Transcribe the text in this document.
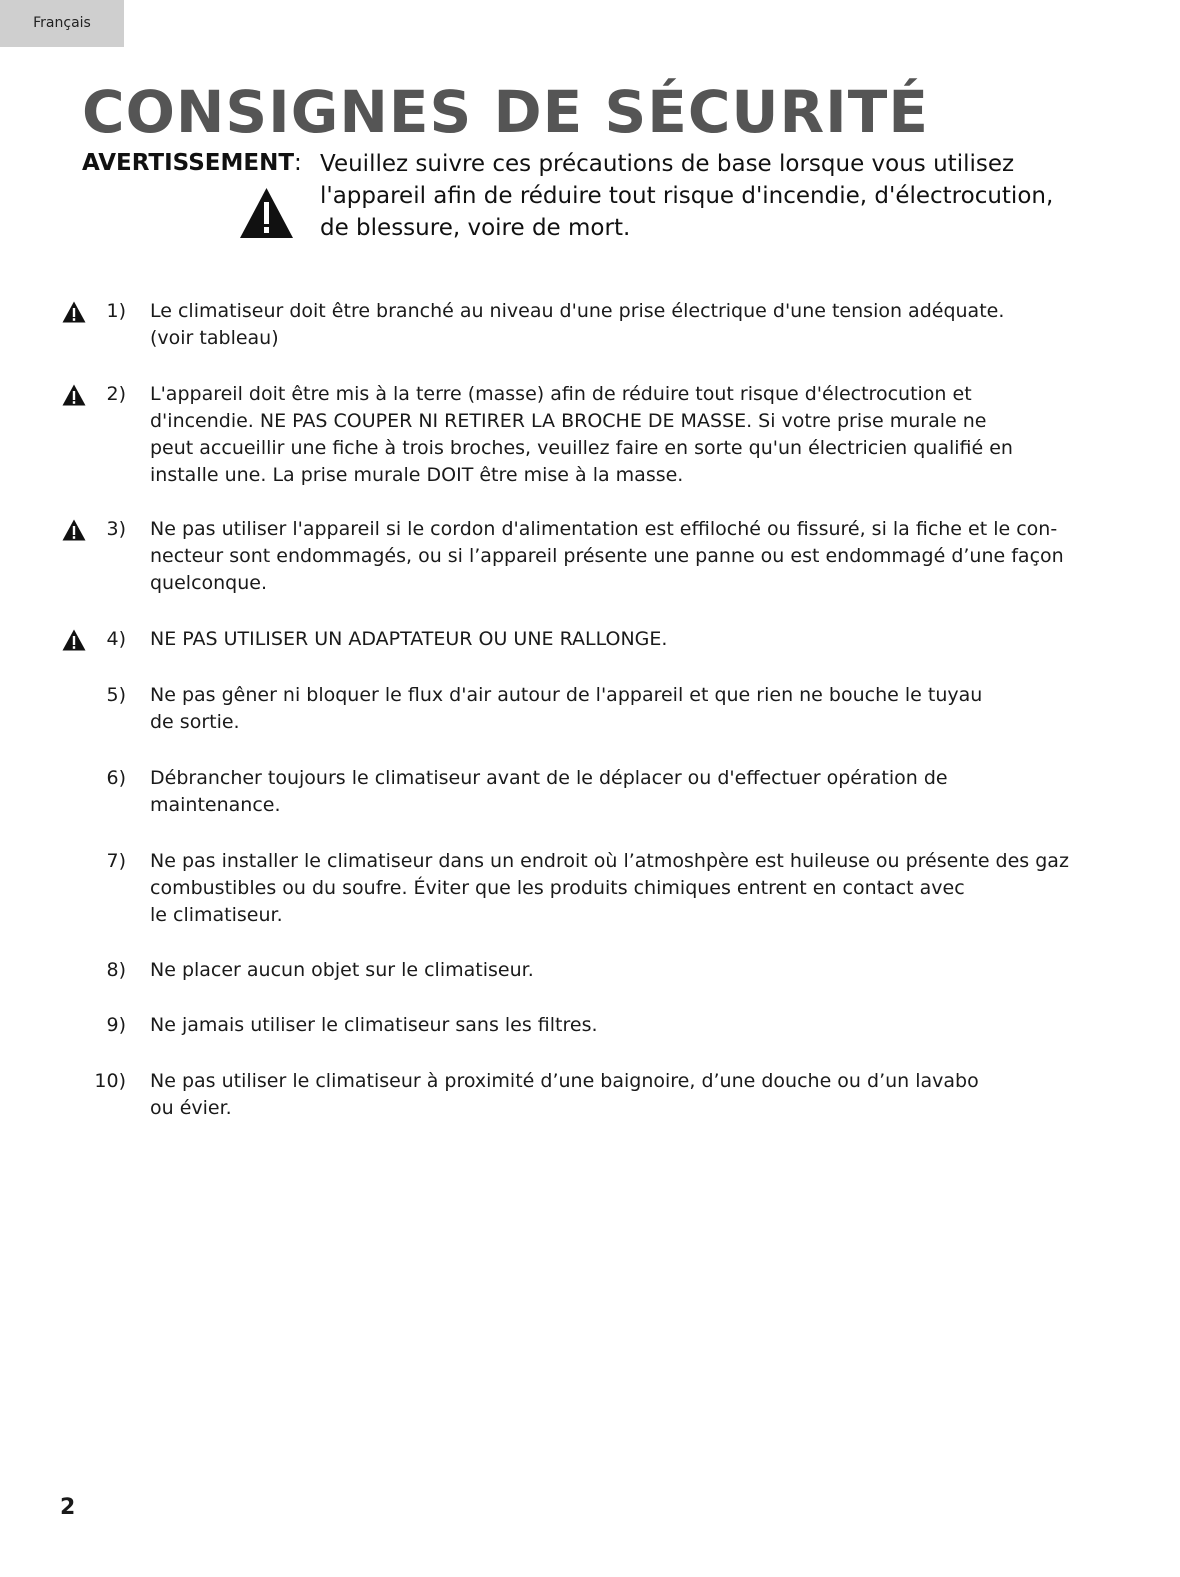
Français
CONSIGNES DE SÉCURITÉ
AVERTISSEMENT: Veuillez suivre ces précautions de base lorsque vous utilisez
l'appareil afin de réduire tout risque d'incendie, d'électrocution,
de blessure, voire de mort.
1) Le climatiseur doit être branché au niveau d'une prise électrique d'une tension adéquate.
(voir tableau)
2) L'appareil doit être mis à la terre (masse) afin de réduire tout risque d'électrocution et
d'incendie. NE PAS COUPER NI RETIRER LA BROCHE DE MASSE. Si votre prise murale ne
peut accueillir une fiche à trois broches, veuillez faire en sorte qu'un électricien qualifié en
installe une. La prise murale DOIT être mise à la masse.
3) Ne pas utiliser l'appareil si le cordon d'alimentation est effiloché ou fissuré, si la fiche et le con-
necteur sont endommagés, ou si l’appareil présente une panne ou est endommagé d’une façon
quelconque.
4) NE PAS UTILISER UN ADAPTATEUR OU UNE RALLONGE.
5) Ne pas gêner ni bloquer le flux d'air autour de l'appareil et que rien ne bouche le tuyau
de sortie.
6) Débrancher toujours le climatiseur avant de le déplacer ou d'effectuer opération de
maintenance.
7) Ne pas installer le climatiseur dans un endroit où l’atmoshpère est huileuse ou présente des gaz
combustibles ou du soufre. Éviter que les produits chimiques entrent en contact avec
le climatiseur.
8) Ne placer aucun objet sur le climatiseur.
9) Ne jamais utiliser le climatiseur sans les filtres.
10) Ne pas utiliser le climatiseur à proximité d’une baignoire, d’une douche ou d’un lavabo
ou évier.
2
